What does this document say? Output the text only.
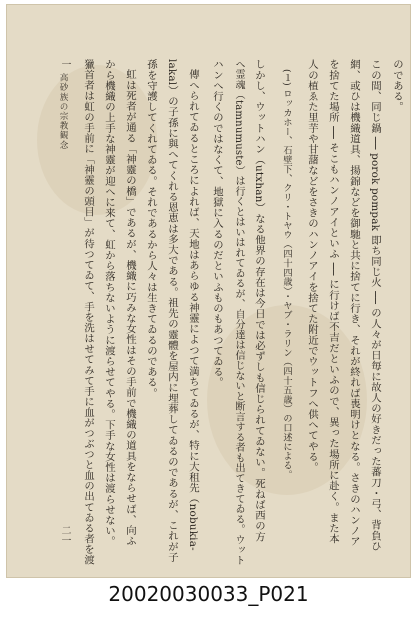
のである。
この間、同じ鍋 ── porok pompak 即ち同じ火 ── の人々が日毎に故人の好きだった蕃刀・弓、背負ひ
網、或ひは機織道具、揚錦などを御馳と共に捨てに行き、それが終れば喪明けとなる。さきのハンノア
を捨てた場所 ── そこもハンノアイといふ ── に行けば不吉だといふので、異った場所に赴く。また本
人の植ゑた里芋や甘藷などをさきのハンノアイを捨てた附近でウットフへ供へてやる。
(１) ロッカホー、石壁下、クリ・トヤウ（四十四歳）・ヤブ・ラリン（四十五歳）の口述による。
しかし、ウットハン（utxhan）なる他界の存在は今日では必ずしも信じられてゐない。死ねば西の方
へ霊魂（tamnumuste）は行くとはいはれてゐるが、自分達は信じないと断言する者も出てきてゐる。ウット
ハンへ行くのではなくて、地獄に入るのだといふものもあつてゐる。
傳へられてゐるところによれば、天地はあらゆる神靈によつて満ちてゐるが、特に大租先（nobukia-
lakal）の子孫に與へてくれる恩恵は多大である。祖先の靈體を屋内に埋葬してゐるのであるが、これが子
孫を守護してくれてゐる。それであるから人々は生きてゐるのである。
虹は死者が通る「神靈の橋」であるが、機織に巧みな女性はその手前で機織の道具をならせば、向ふ
から機織の上手な神靈が迎へに来て、虹から落ちないように渡らせてやる。下手な女性は渡らせない。
獵首者は虹の手前に「神靈の頭目」が待つてゐて、手を洗はせてみて手に血がつぶつと血の出てゐる者を渡
高砂族の宗教観念
一
二一
20020030033_P021
